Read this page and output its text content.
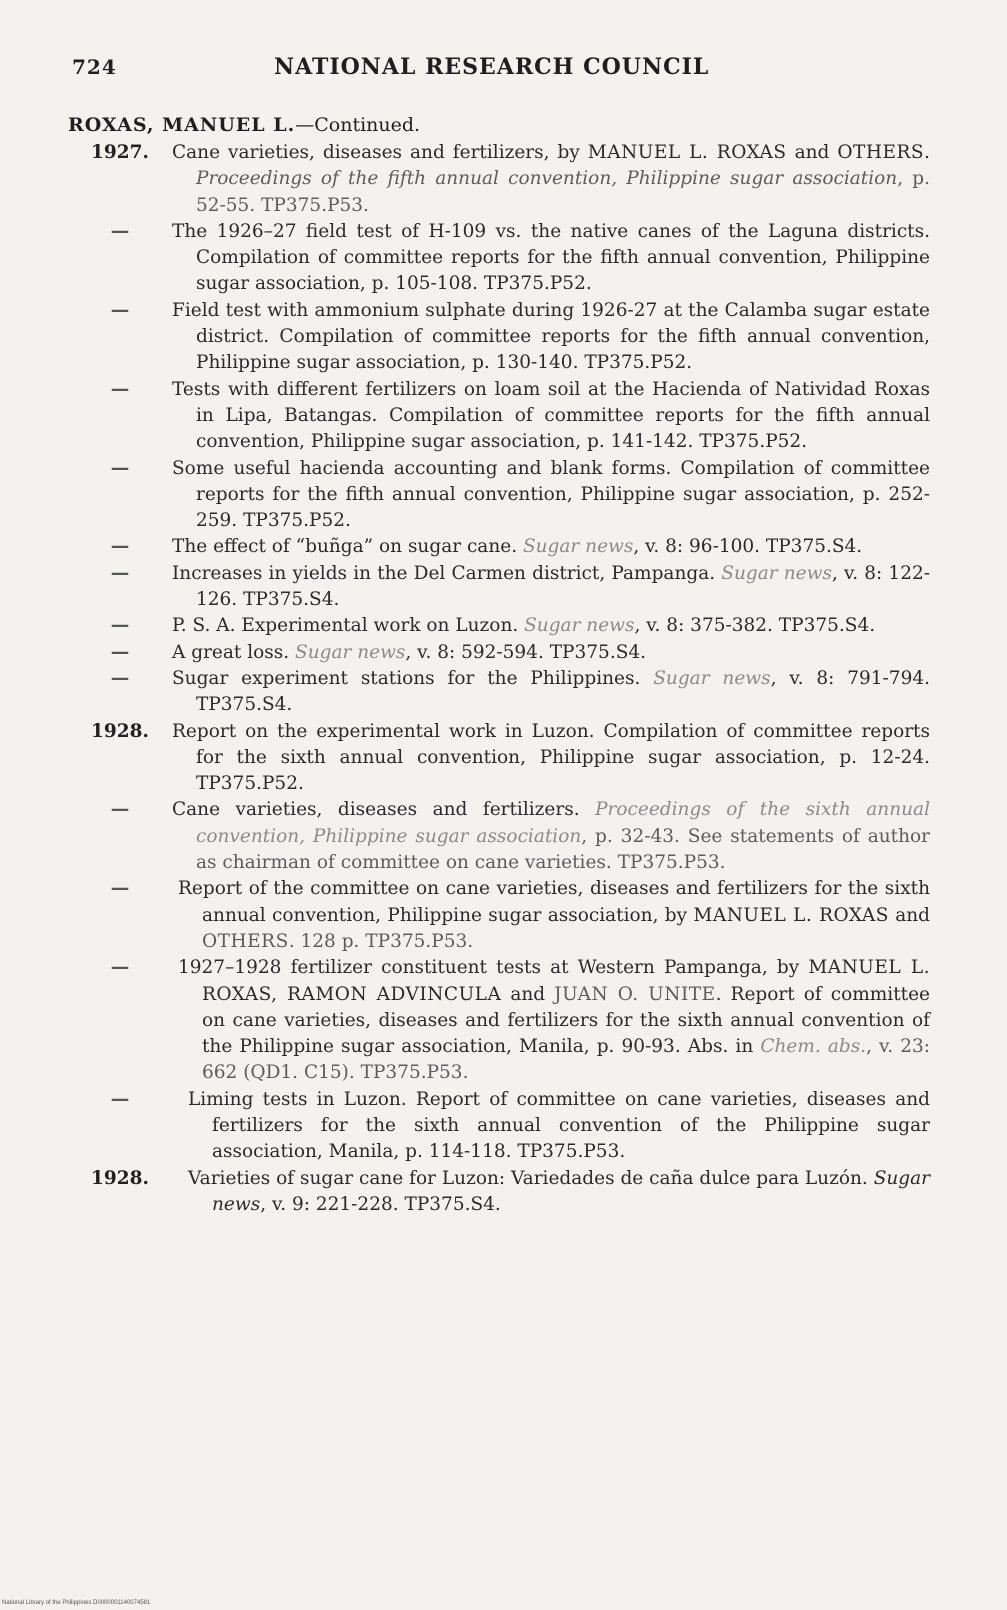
724	NATIONAL RESEARCH COUNCIL
ROXAS, MANUEL L.—Continued.
1927. Cane varieties, diseases and fertilizers, by MANUEL L. ROXAS and OTHERS. Proceedings of the fifth annual convention, Philippine sugar association, p. 52-55. TP375.P53.
—	The 1926–27 field test of H-109 vs. the native canes of the Laguna districts. Compilation of committee reports for the fifth annual convention, Philippine sugar association, p. 105-108. TP375.P52.
—	Field test with ammonium sulphate during 1926-27 at the Calamba sugar estate district. Compilation of committee reports for the fifth annual convention, Philippine sugar association, p. 130-140. TP375.P52.
—	Tests with different fertilizers on loam soil at the Hacienda of Natividad Roxas in Lipa, Batangas. Compilation of committee reports for the fifth annual convention, Philippine sugar association, p. 141-142. TP375.P52.
—	Some useful hacienda accounting and blank forms. Compilation of committee reports for the fifth annual convention, Philippine sugar association, p. 252-259. TP375.P52.
—	The effect of “buñga” on sugar cane. Sugar news, v. 8: 96-100. TP375.S4.
—	Increases in yields in the Del Carmen district, Pampanga. Sugar news, v. 8: 122-126. TP375.S4.
—	P. S. A. Experimental work on Luzon. Sugar news, v. 8: 375-382. TP375.S4.
—	A great loss. Sugar news, v. 8: 592-594. TP375.S4.
—	Sugar experiment stations for the Philippines. Sugar news, v. 8: 791-794. TP375.S4.
1928. Report on the experimental work in Luzon. Compilation of committee reports for the sixth annual convention, Philippine sugar association, p. 12-24. TP375.P52.
—	Cane varieties, diseases and fertilizers. Proceedings of the sixth annual convention, Philippine sugar association, p. 32-43. See statements of author as chairman of committee on cane varieties. TP375.P53.
—	Report of the committee on cane varieties, diseases and fertilizers for the sixth annual convention, Philippine sugar association, by MANUEL L. ROXAS and OTHERS. 128 p. TP375.P53.
—	1927–1928 fertilizer constituent tests at Western Pampanga, by MANUEL L. ROXAS, RAMON ADVINCULA and JUAN O. UNITE. Report of committee on cane varieties, diseases and fertilizers for the sixth annual convention of the Philippine sugar association, Manila, p. 90-93. Abs. in Chem. abs., v. 23: 662 (QD1. C15). TP375.P53.
—	Liming tests in Luzon. Report of committee on cane varieties, diseases and fertilizers for the sixth annual convention of the Philippine sugar association, Manila, p. 114-118. TP375.P53.
1928. Varieties of sugar cane for Luzon: Variedades de caña dulce para Luzón. Sugar news, v. 9: 221-228. TP375.S4.
National Library of the Philippines D0000001140074581
